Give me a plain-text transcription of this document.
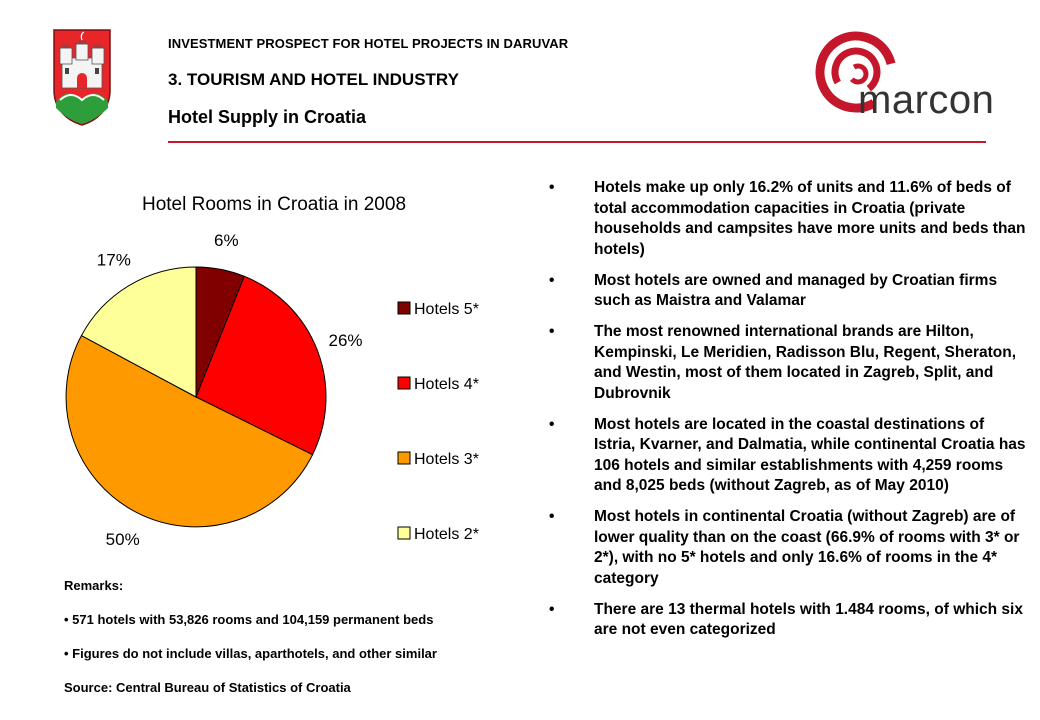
INVESTMENT PROSPECT FOR HOTEL PROJECTS IN DARUVAR
3. TOURISM AND HOTEL INDUSTRY
Hotel Supply in Croatia	marcon
Hotel Rooms in Croatia in 2008
6%
26%
50%
17%
Hotels 5*
Hotels 4*
Hotels 3*
Hotels 2*
•	Hotels make up only 16.2% of units and 11.6% of beds of total accommodation capacities in Croatia (private households and campsites have more units and beds than hotels)
•	Most hotels are owned and managed by Croatian firms such as Maistra and Valamar
•	The most renowned international brands are Hilton, Kempinski, Le Meridien, Radisson Blu, Regent, Sheraton, and Westin, most of them located in Zagreb, Split, and Dubrovnik
•	Most hotels are located in the coastal destinations of Istria, Kvarner, and Dalmatia, while continental Croatia has 106 hotels and similar establishments with 4,259 rooms and 8,025 beds (without Zagreb, as of May 2010)
•	Most hotels in continental Croatia (without Zagreb) are of lower quality than on the coast (66.9% of rooms with 3* or 2*), with no 5* hotels and only 16.6% of rooms in the 4* category
•	There are 13 thermal hotels with 1.484 rooms, of which six are not even categorized
Remarks:
• 571 hotels with 53,826 rooms and 104,159 permanent beds
• Figures do not include villas, aparthotels, and other similar
Source: Central Bureau of Statistics of Croatia
